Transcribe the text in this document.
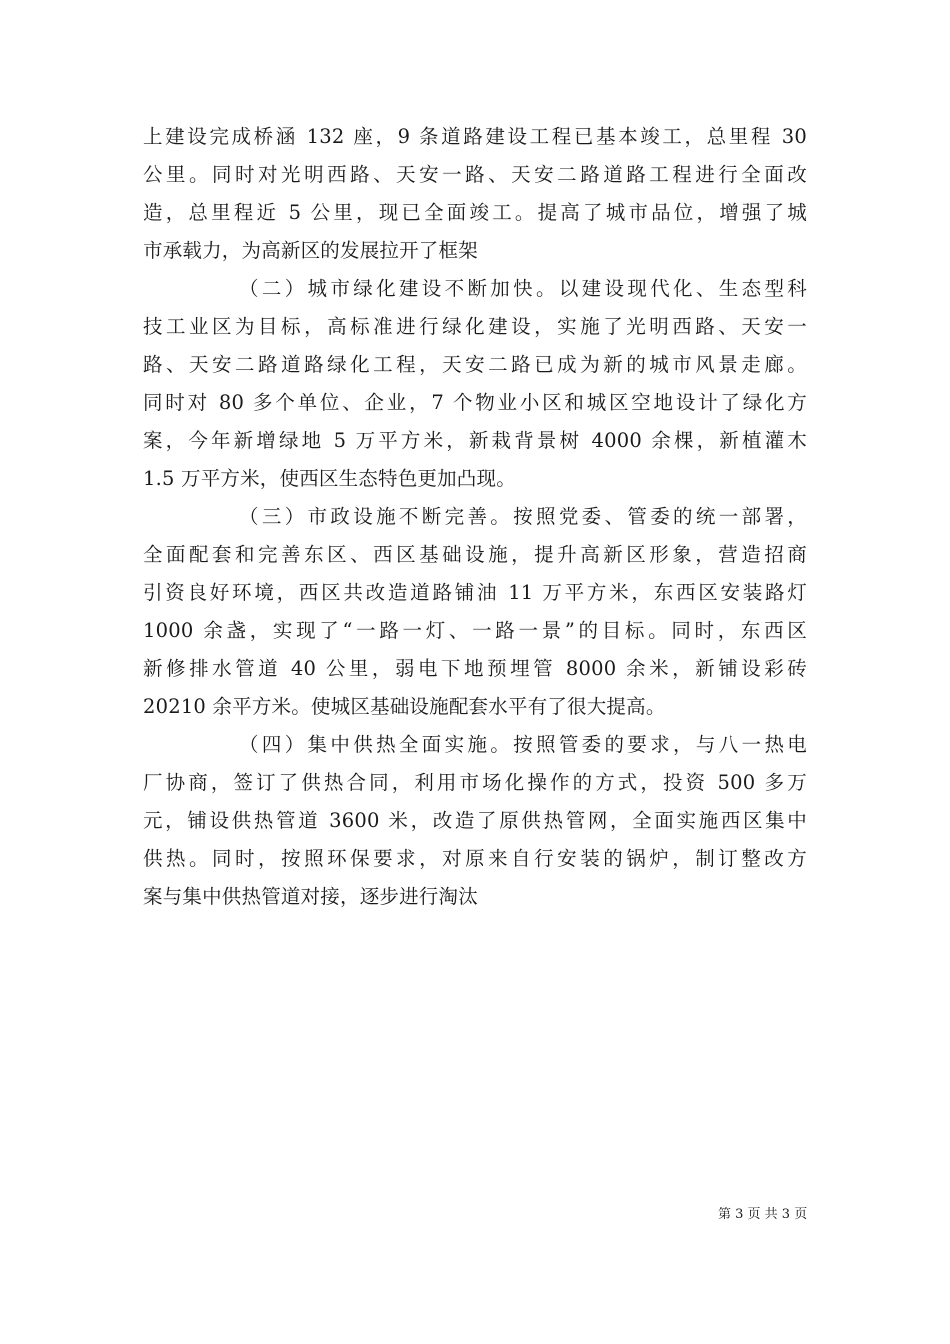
上建设完成桥涵 132 座，9 条道路建设工程已基本竣工，总里程 30
公里。同时对光明西路、天安一路、天安二路道路工程进行全面改
造，总里程近 5 公里，现已全面竣工。提高了城市品位，增强了城
市承载力，为高新区的发展拉开了框架
（二）城市绿化建设不断加快。以建设现代化、生态型科
技工业区为目标，高标准进行绿化建设，实施了光明西路、天安一
路、天安二路道路绿化工程，天安二路已成为新的城市风景走廊。
同时对 80 多个单位、企业，7 个物业小区和城区空地设计了绿化方
案，今年新增绿地 5 万平方米，新栽背景树 4000 余棵，新植灌木
1.5 万平方米，使西区生态特色更加凸现。
（三）市政设施不断完善。按照党委、管委的统一部署，
全面配套和完善东区、西区基础设施，提升高新区形象，营造招商
引资良好环境，西区共改造道路铺油 11 万平方米，东西区安装路灯
1000 余盏，实现了“一路一灯、一路一景”的目标。同时，东西区
新修排水管道 40 公里，弱电下地预埋管 8000 余米，新铺设彩砖
20210 余平方米。使城区基础设施配套水平有了很大提高。
（四）集中供热全面实施。按照管委的要求，与八一热电
厂协商，签订了供热合同，利用市场化操作的方式，投资 500 多万
元，铺设供热管道 3600 米，改造了原供热管网，全面实施西区集中
供热。同时，按照环保要求，对原来自行安装的锅炉，制订整改方
案与集中供热管道对接，逐步进行淘汰
第 3 页 共 3 页
